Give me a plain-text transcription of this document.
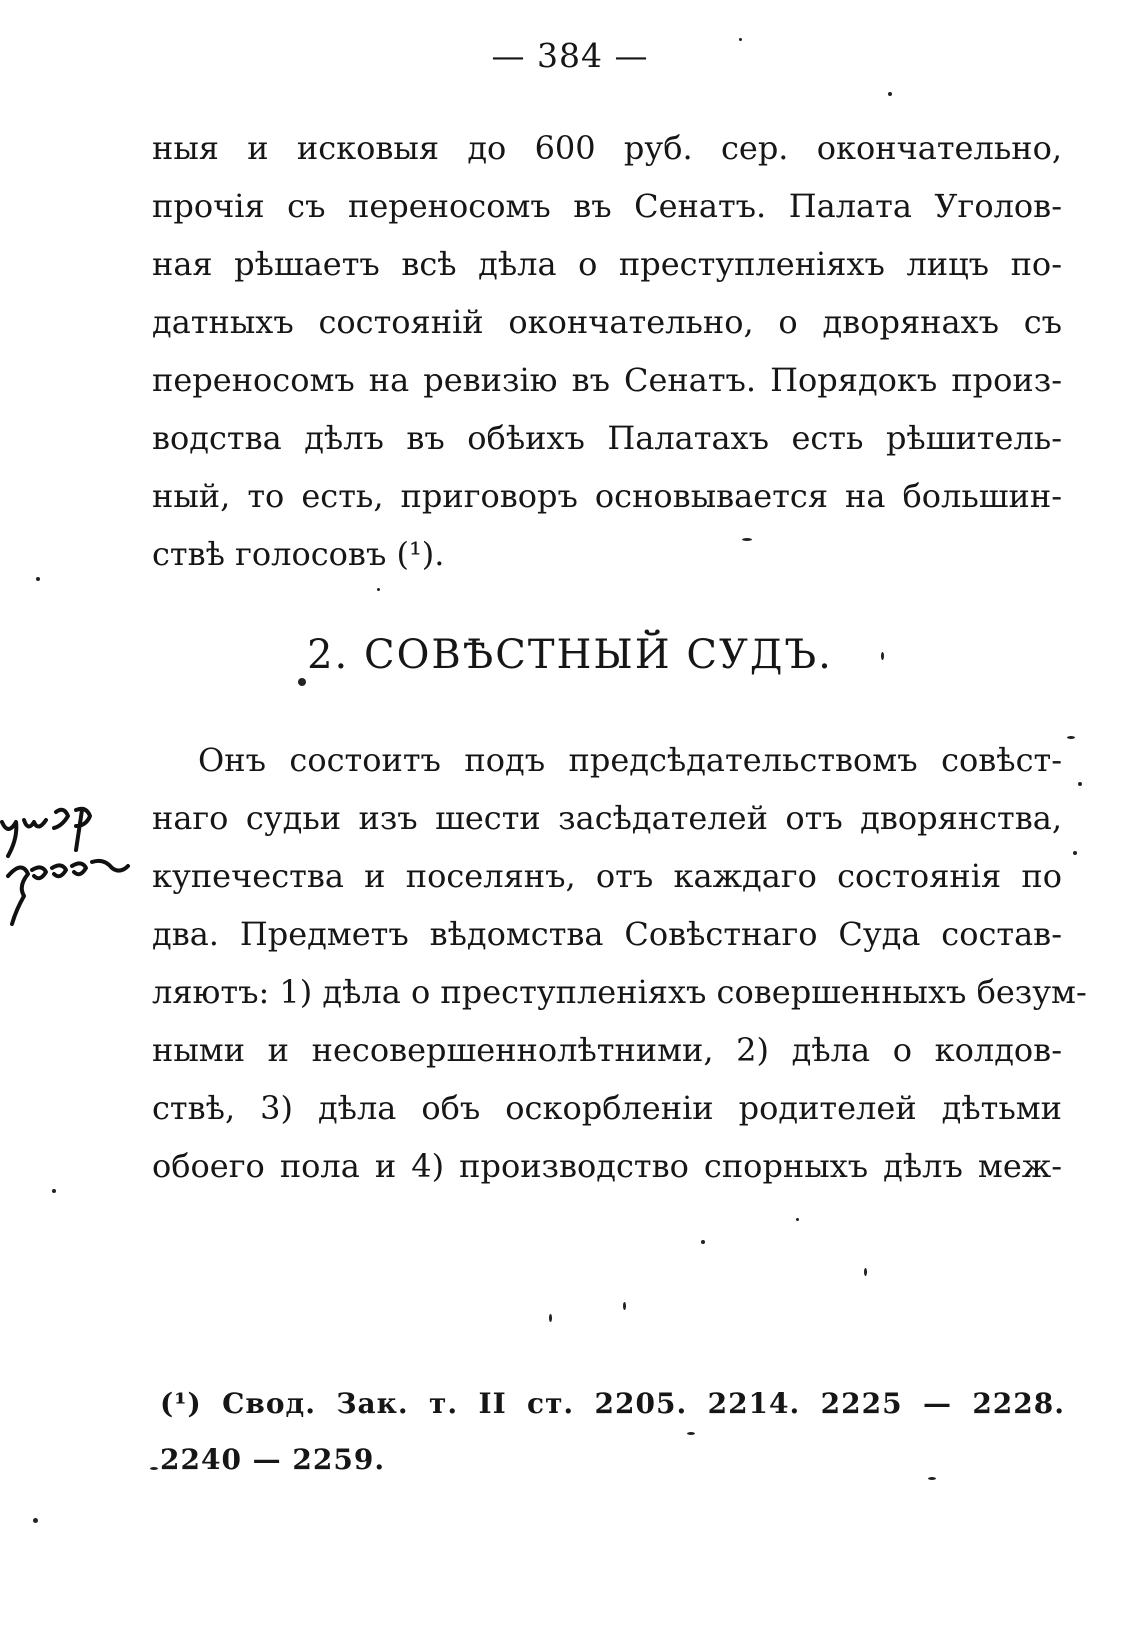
— 384 —
ныя и исковыя до 600 руб. сер. окончательно,
прочія съ переносомъ въ Сенатъ. Палата Уголов-
ная рѣшаетъ всѣ дѣла о преступленіяхъ лицъ по-
датныхъ состояній окончательно, о дворянахъ съ
переносомъ на ревизію въ Сенатъ. Порядокъ произ-
водства дѣлъ въ обѣихъ Палатахъ есть рѣшитель-
ный, то есть, приговоръ основывается на большин-
ствѣ голосовъ (¹).
2. СОВѢСТНЫЙ СУДЪ.
Онъ состоитъ подъ предсѣдательствомъ совѣст-
наго судьи изъ шести засѣдателей отъ дворянства,
купечества и поселянъ, отъ каждаго состоянія по
два. Предметъ вѣдомства Совѣстнаго Суда состав-
ляютъ: 1) дѣла о преступленіяхъ совершенныхъ безум-
ными и несовершеннолѣтними, 2) дѣла о колдов-
ствѣ, 3) дѣла объ оскорбленіи родителей дѣтьми
обоего пола и 4) производство спорныхъ дѣлъ меж-
(¹) Свод. Зак. т. II ст. 2205. 2214. 2225 — 2228.
2240 — 2259.
